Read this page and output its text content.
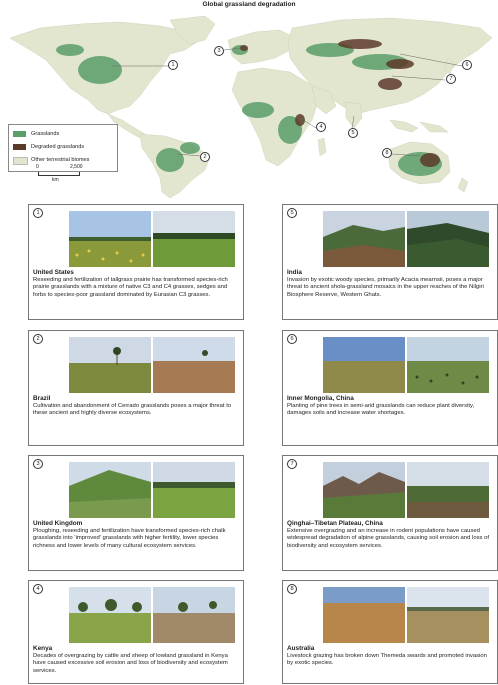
Global grassland degradation
1
2
3
4
5
6
7
8
Grasslands
Degraded grasslands
Other terrestrial biomes
0	2,500
km
1
United States
Reseeding and fertilization of tallgrass prairie has transformed species-rich prairie grasslands with a mixture of native C3 and C4 grasses, sedges and forbs to species-poor grassland dominated by Eurasian C3 grasses.
5
India
Invasion by exotic woody species, primarily Acacia mearnsii, poses a major threat to ancient shola-grassland mosaics in the upper reaches of the Nilgiri Biosphere Reserve, Western Ghats.
2
Brazil
Cultivation and abandonment of Cerrado grasslands poses a major threat to these ancient and highly diverse ecosystems.
6
Inner Mongolia, China
Planting of pine trees in semi-arid grasslands can reduce plant diversity, damages soils and increase water shortages.
3
United Kingdom
Ploughing, reseeding and fertilization have transformed species-rich chalk grasslands into ‘improved’ grasslands with higher fertility, lower species richness and lower levels of many cultural ecosystem services.
7
Qinghai–Tibetan Plateau, China
Extensive overgrazing and an increase in rodent populations have caused widespread degradation of alpine grasslands, causing soil erosion and loss of biodiversity and ecosystem services.
4
Kenya
Decades of overgrazing by cattle and sheep of lowland grassland in Kenya have caused excessive soil erosion and loss of biodiversity and ecosystem services.
8
Australia
Livestock grazing has broken down Themeda swards and promoted invasion by exotic species.
